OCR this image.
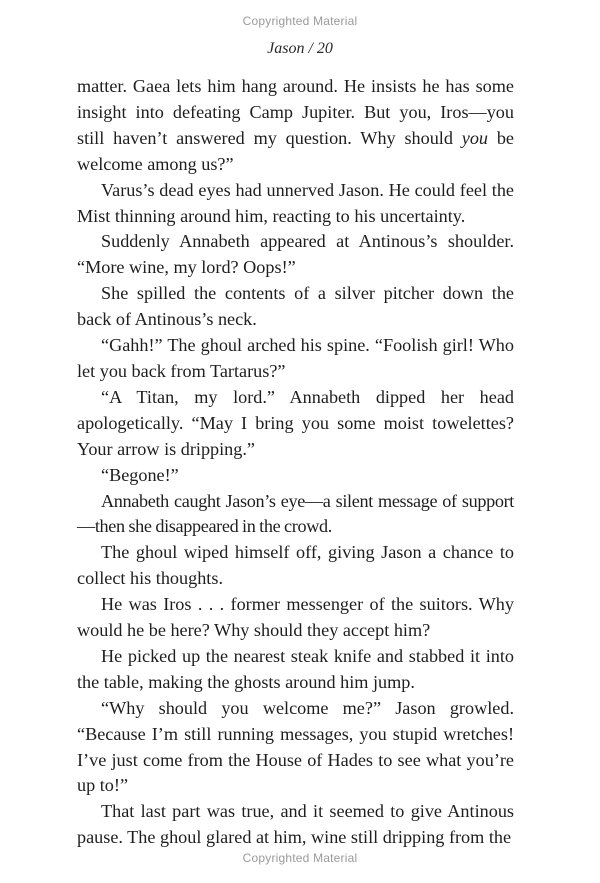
Copyrighted Material
Jason / 20

matter. Gaea lets him hang around. He insists he has some insight into defeating Camp Jupiter. But you, Iros—you still haven’t answered my question. Why should you be welcome among us?”

Varus’s dead eyes had unnerved Jason. He could feel the Mist thinning around him, reacting to his uncertainty.

Suddenly Annabeth appeared at Antinous’s shoulder. “More wine, my lord? Oops!”

She spilled the contents of a silver pitcher down the back of Antinous’s neck.

“Gahh!” The ghoul arched his spine. “Foolish girl! Who let you back from Tartarus?”

“A Titan, my lord.” Annabeth dipped her head apologetically. “May I bring you some moist towelettes? Your arrow is dripping.”

“Begone!”

Annabeth caught Jason’s eye—a silent message of support—then she disappeared in the crowd.

The ghoul wiped himself off, giving Jason a chance to collect his thoughts.

He was Iros . . . former messenger of the suitors. Why would he be here? Why should they accept him?

He picked up the nearest steak knife and stabbed it into the table, making the ghosts around him jump.

“Why should you welcome me?” Jason growled. “Because I’m still running messages, you stupid wretches! I’ve just come from the House of Hades to see what you’re up to!”

That last part was true, and it seemed to give Antinous pause. The ghoul glared at him, wine still dripping from the

Copyrighted Material
